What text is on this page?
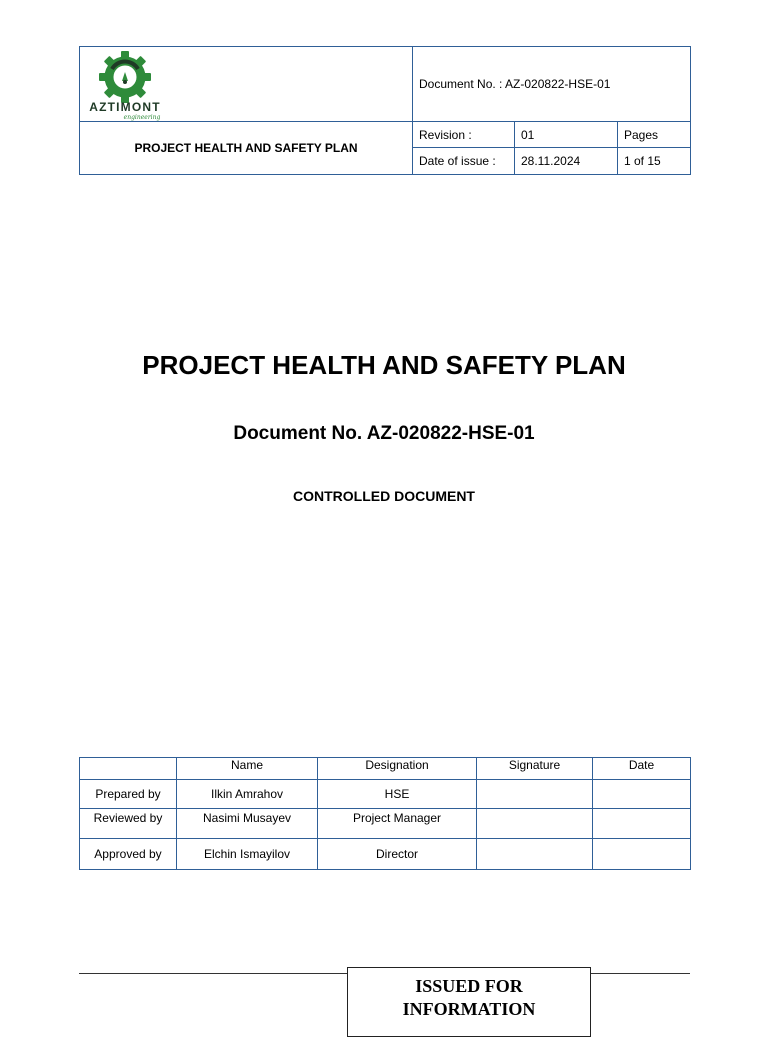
AZTIMONT
engineering	Document No. : AZ-020822-HSE-01		
PROJECT HEALTH AND SAFETY PLAN	Revision :	01	Pages
	Date of issue :	28.11.2024	1 of 15
PROJECT HEALTH AND SAFETY PLAN
Document No. AZ-020822-HSE-01
CONTROLLED DOCUMENT
	Name	Designation	Signature	Date
Prepared by	Ilkin Amrahov	HSE		
Reviewed by	Nasimi Musayev	Project Manager		
Approved by	Elchin Ismayilov	Director		
ISSUED FOR INFORMATION
